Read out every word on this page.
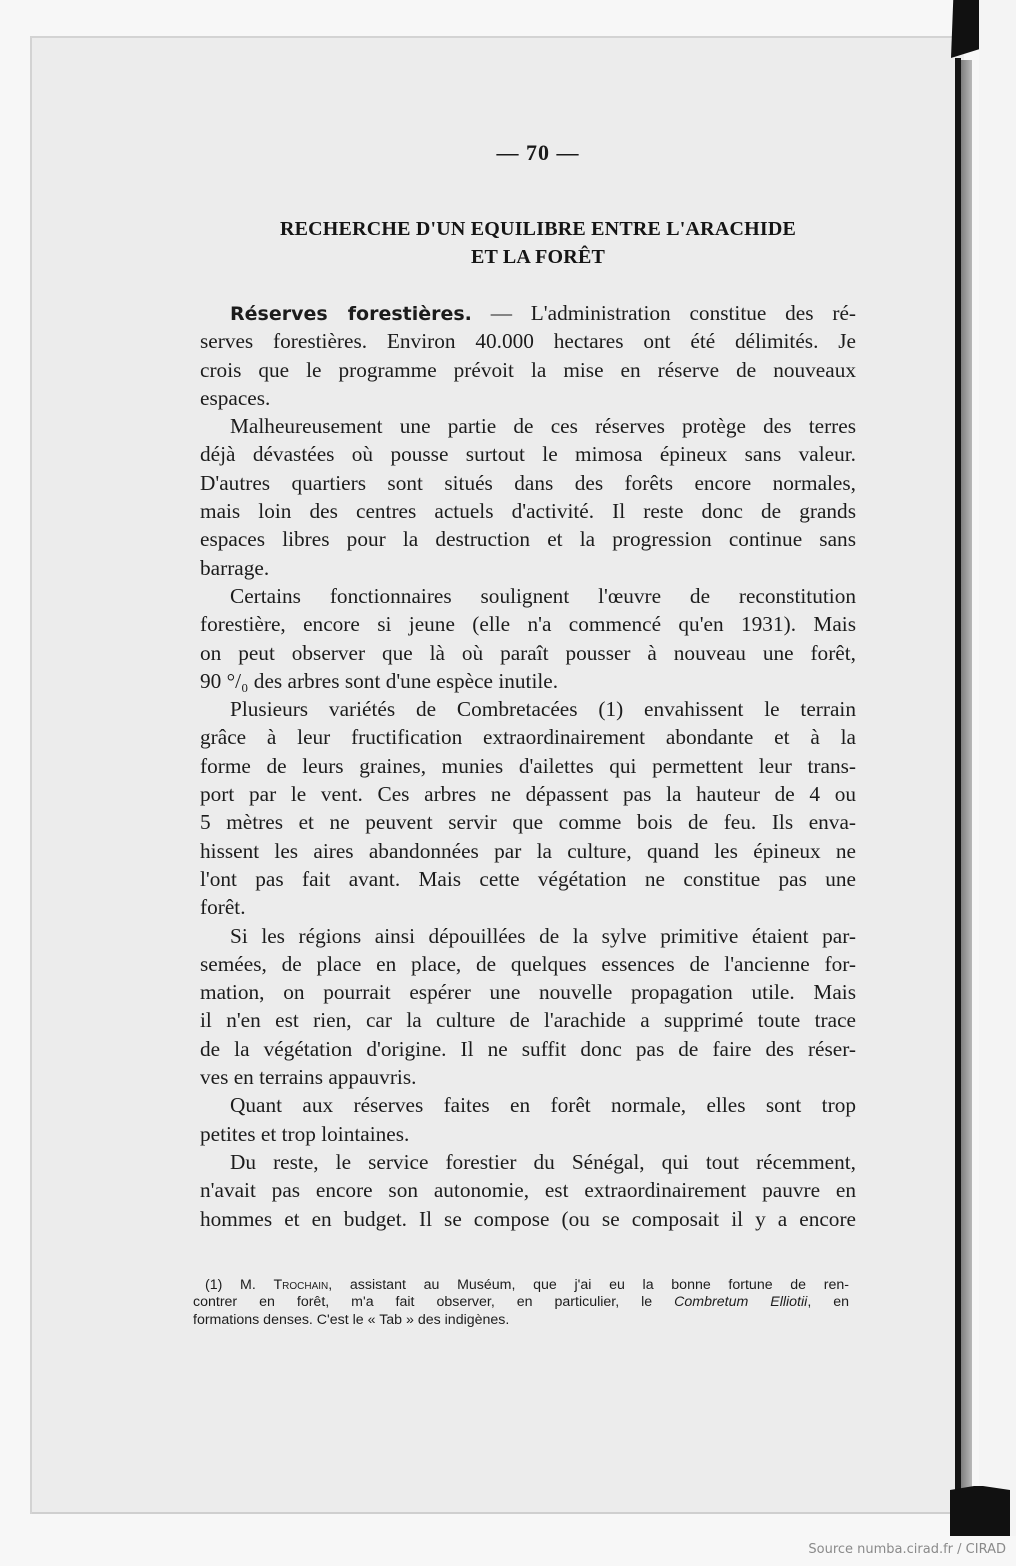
— 70 —
RECHERCHE D'UN EQUILIBRE ENTRE L'ARACHIDE
ET LA FORÊT
Réserves forestières. — L'administration constitue des ré-
serves forestières. Environ 40.000 hectares ont été délimités. Je
crois que le programme prévoit la mise en réserve de nouveaux
espaces.
Malheureusement une partie de ces réserves protège des terres
déjà dévastées où pousse surtout le mimosa épineux sans valeur.
D'autres quartiers sont situés dans des forêts encore normales,
mais loin des centres actuels d'activité. Il reste donc de grands
espaces libres pour la destruction et la progression continue sans
barrage.
Certains fonctionnaires soulignent l'œuvre de reconstitution
forestière, encore si jeune (elle n'a commencé qu'en 1931). Mais
on peut observer que là où paraît pousser à nouveau une forêt,
90 °/₀ des arbres sont d'une espèce inutile.
Plusieurs variétés de Combretacées (1) envahissent le terrain
grâce à leur fructification extraordinairement abondante et à la
forme de leurs graines, munies d'ailettes qui permettent leur trans-
port par le vent. Ces arbres ne dépassent pas la hauteur de 4 ou
5 mètres et ne peuvent servir que comme bois de feu. Ils enva-
hissent les aires abandonnées par la culture, quand les épineux ne
l'ont pas fait avant. Mais cette végétation ne constitue pas une
forêt.
Si les régions ainsi dépouillées de la sylve primitive étaient par-
semées, de place en place, de quelques essences de l'ancienne for-
mation, on pourrait espérer une nouvelle propagation utile. Mais
il n'en est rien, car la culture de l'arachide a supprimé toute trace
de la végétation d'origine. Il ne suffit donc pas de faire des réser-
ves en terrains appauvris.
Quant aux réserves faites en forêt normale, elles sont trop
petites et trop lointaines.
Du reste, le service forestier du Sénégal, qui tout récemment,
n'avait pas encore son autonomie, est extraordinairement pauvre en
hommes et en budget. Il se compose (ou se composait il y a encore
(1) M. Trochain, assistant au Muséum, que j'ai eu la bonne fortune de ren-
contrer en forêt, m'a fait observer, en particulier, le Combretum Elliotii, en
formations denses. C'est le « Tab » des indigènes.
Source numba.cirad.fr / CIRAD
